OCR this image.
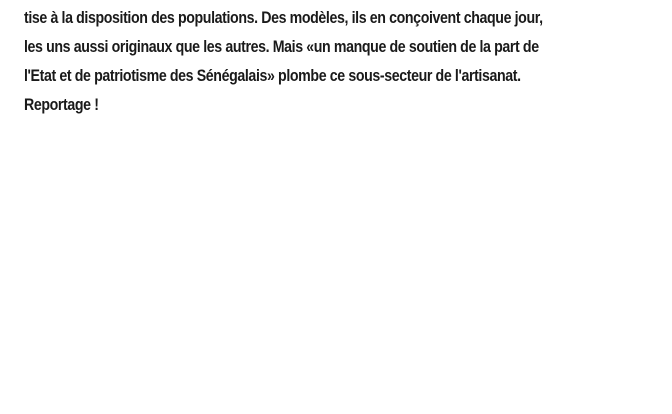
tise à la disposition des populations. Des modèles, ils en conçoivent chaque jour,
les uns aussi originaux que les autres. Mais «un manque de soutien de la part de
l'Etat et de patriotisme des Sénégalais» plombe ce sous-secteur de l'artisanat.
Reportage !
